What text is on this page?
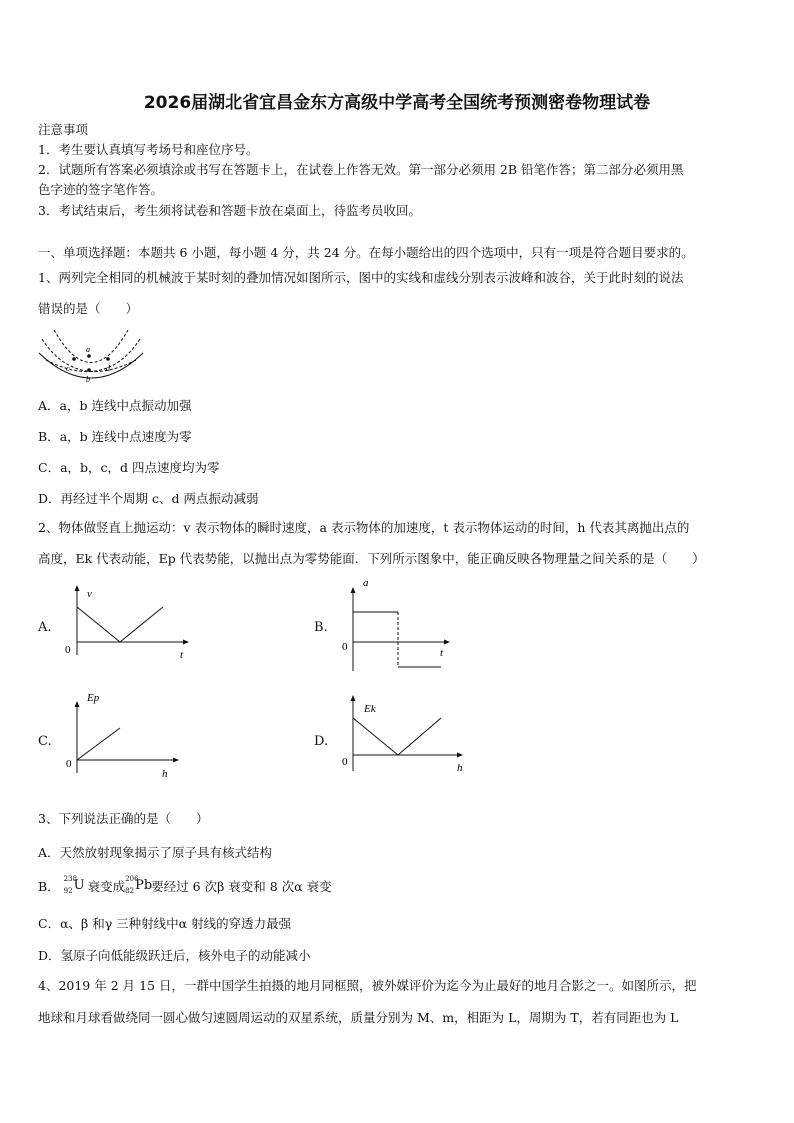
2026届湖北省宜昌金东方高级中学高考全国统考预测密卷物理试卷
注意事项
1．考生要认真填写考场号和座位序号。
2．试题所有答案必须填涂或书写在答题卡上，在试卷上作答无效。第一部分必须用 2B 铅笔作答；第二部分必须用黑
色字迹的签字笔作答。
3．考试结束后，考生须将试卷和答题卡放在桌面上，待监考员收回。
一、单项选择题：本题共 6 小题，每小题 4 分，共 24 分。在每小题给出的四个选项中，只有一项是符合题目要求的。
1、两列完全相同的机械波于某时刻的叠加情况如图所示，图中的实线和虚线分别表示波峰和波谷，关于此时刻的说法
错误的是（　　）
a
c
b
d
A．a，b 连线中点振动加强
B．a，b 连线中点速度为零
C．a，b，c，d 四点速度均为零
D．再经过半个周期 c、d 两点振动减弱
2、物体做竖直上抛运动：v 表示物体的瞬时速度，a 表示物体的加速度，t 表示物体运动的时间，h 代表其离抛出点的
高度，Ek 代表动能，Ep 代表势能，以抛出点为零势能面．下列所示图象中，能正确反映各物理量之间关系的是（　　）
A.
v
0	t
B.
a
0	t
C.
Ep
0
h
D.
Ek
0	h
3、下列说法正确的是（　　）
A．天然放射现象揭示了原子具有核式结构
B． 238
92 U 衰变成 206
82 Pb
要经过 6 次β 衰变和 8 次α 衰变
C．α、β 和γ 三种射线中α 射线的穿透力最强
D．氢原子向低能级跃迁后，核外电子的动能减小
4、2019 年 2 月 15 日，一群中国学生拍摄的地月同框照，被外媒评价为迄今为止最好的地月合影之一。如图所示，把
地球和月球看做绕同一圆心做匀速圆周运动的双星系统，质量分别为 M、m，相距为 L，周期为 T，若有同距也为 L
